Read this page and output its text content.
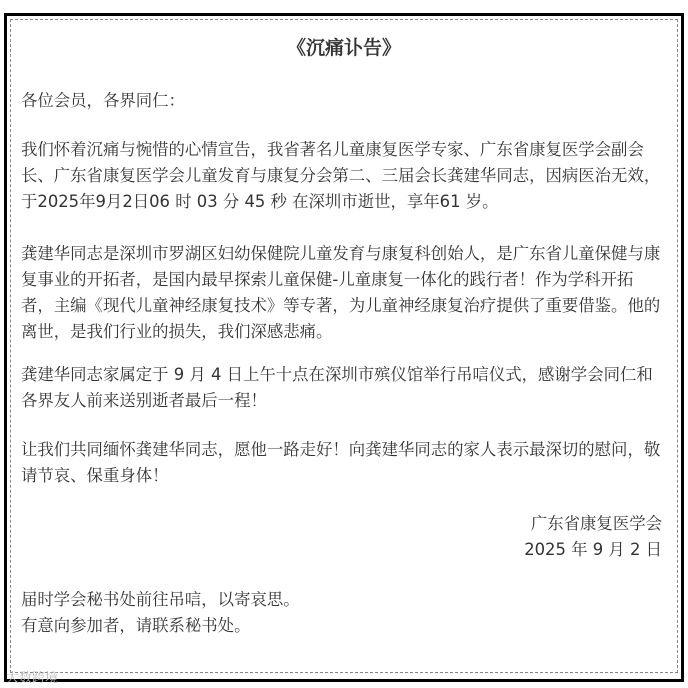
《沉痛讣告》

各位会员，各界同仁：

我们怀着沉痛与惋惜的心情宣告，我省著名儿童康复医学专家、广东省康复医学会副会长、广东省康复医学会儿童发育与康复分会第二、三届会长龚建华同志，因病医治无效，于2025年9月2日06 时 03 分 45 秒 在深圳市逝世，享年61 岁。

龚建华同志是深圳市罗湖区妇幼保健院儿童发育与康复科创始人，是广东省儿童保健与康复事业的开拓者，是国内最早探索儿童保健-儿童康复一体化的践行者！作为学科开拓者，主编《现代儿童神经康复技术》等专著，为儿童神经康复治疗提供了重要借鉴。他的离世，是我们行业的损失，我们深感悲痛。

龚建华同志家属定于 9 月 4 日上午十点在深圳市殡仪馆举行吊唁仪式，感谢学会同仁和各界友人前来送别逝者最后一程！

让我们共同缅怀龚建华同志，愿他一路走好！向龚建华同志的家人表示最深切的慰问，敬请节哀、保重身体！

广东省康复医学会
2025 年 9 月 2 日

届时学会秘书处前往吊唁，以寄哀思。

有意向参加者，请联系秘书处。

大数跨境
